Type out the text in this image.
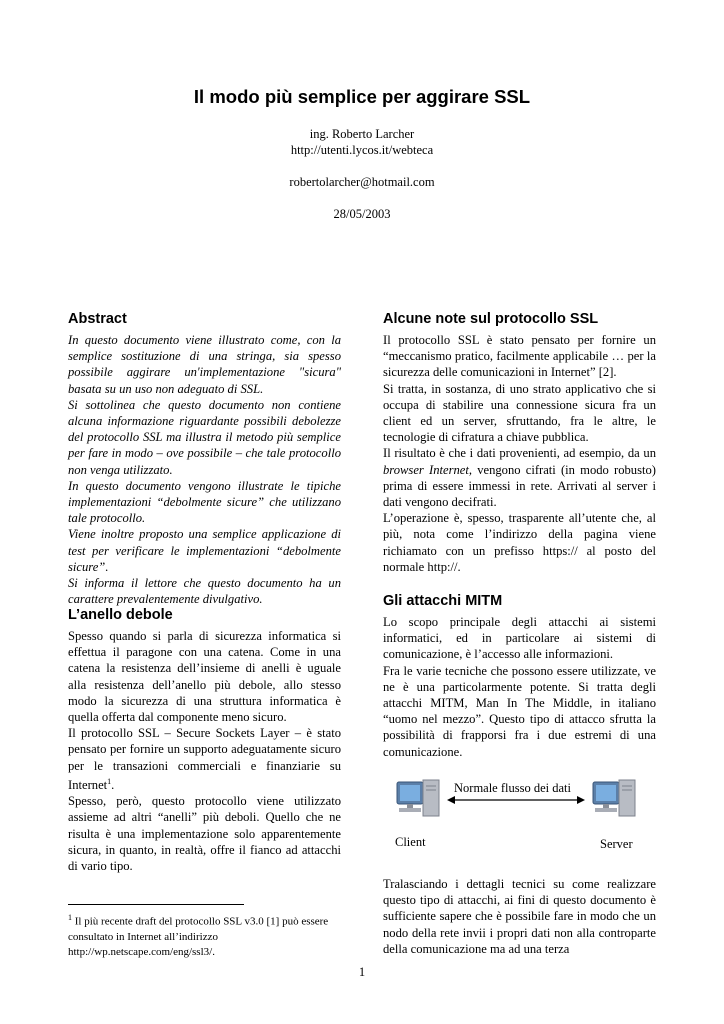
Il modo più semplice per aggirare SSL
ing. Roberto Larcher
http://utenti.lycos.it/webteca
robertolarcher@hotmail.com
28/05/2003
Abstract

In questo documento viene illustrato come, con la semplice sostituzione di una stringa, sia spesso possibile aggirare un'implementazione "sicura" basata su un uso non adeguato di SSL.

Si sottolinea che questo documento non contiene alcuna informazione riguardante possibili debolezze del protocollo SSL ma illustra il metodo più semplice per fare in modo – ove possibile – che tale protocollo non venga utilizzato.

In questo documento vengono illustrate le tipiche implementazioni “debolmente sicure” che utilizzano tale protocollo.

Viene inoltre proposto una semplice applicazione di test per verificare le implementazioni “debolmente sicure”.

Si informa il lettore che questo documento ha un carattere prevalentemente divulgativo.

L’anello debole

Spesso quando si parla di sicurezza informatica si effettua il paragone con una catena. Come in una catena la resistenza dell’insieme di anelli è uguale alla resistenza dell’anello più debole, allo stesso modo la sicurezza di una struttura informatica è quella offerta dal componente meno sicuro.

Il protocollo SSL – Secure Sockets Layer – è stato pensato per fornire un supporto adeguatamente sicuro per le transazioni commerciali e finanziarie su Internet$^1$.

Spesso, però, questo protocollo viene utilizzato assieme ad altri “anelli” più deboli. Quello che ne risulta è una implementazione solo apparentemente sicura, in quanto, in realtà, offre il fianco ad attacchi di vario tipo.

$^1$ Il più recente draft del protocollo SSL v3.0 [1] può essere consultato in Internet all’indirizzo http://wp.netscape.com/eng/ssl3/.
Alcune note sul protocollo SSL

Il protocollo SSL è stato pensato per fornire un “meccanismo pratico, facilmente applicabile … per la sicurezza delle comunicazioni in Internet” [2].

Si tratta, in sostanza, di uno strato applicativo che si occupa di stabilire una connessione sicura fra un client ed un server, sfruttando, fra le altre, le tecnologie di cifratura a chiave pubblica.

Il risultato è che i dati provenienti, ad esempio, da un browser Internet, vengono cifrati (in modo robusto) prima di essere immessi in rete. Arrivati al server i dati vengono decifrati.

L’operazione è, spesso, trasparente all’utente che, al più, nota come l’indirizzo della pagina viene richiamato con un prefisso https:// al posto del normale http://.

Gli attacchi MITM

Lo scopo principale degli attacchi ai sistemi informatici, ed in particolare ai sistemi di comunicazione, è l’accesso alle informazioni.

Fra le varie tecniche che possono essere utilizzate, ve ne è una particolarmente potente. Si tratta degli attacchi MITM, Man In The Middle, in italiano “uomo nel mezzo”. Questo tipo di attacco sfrutta la possibilità di frapporsi fra i due estremi di una comunicazione.

Normale flusso dei dati
Client	Server

Tralasciando i dettagli tecnici su come realizzare questo tipo di attacchi, ai fini di questo documento è sufficiente sapere che è possibile fare in modo che un nodo della rete invii i propri dati non alla controparte della comunicazione ma ad una terza

1
